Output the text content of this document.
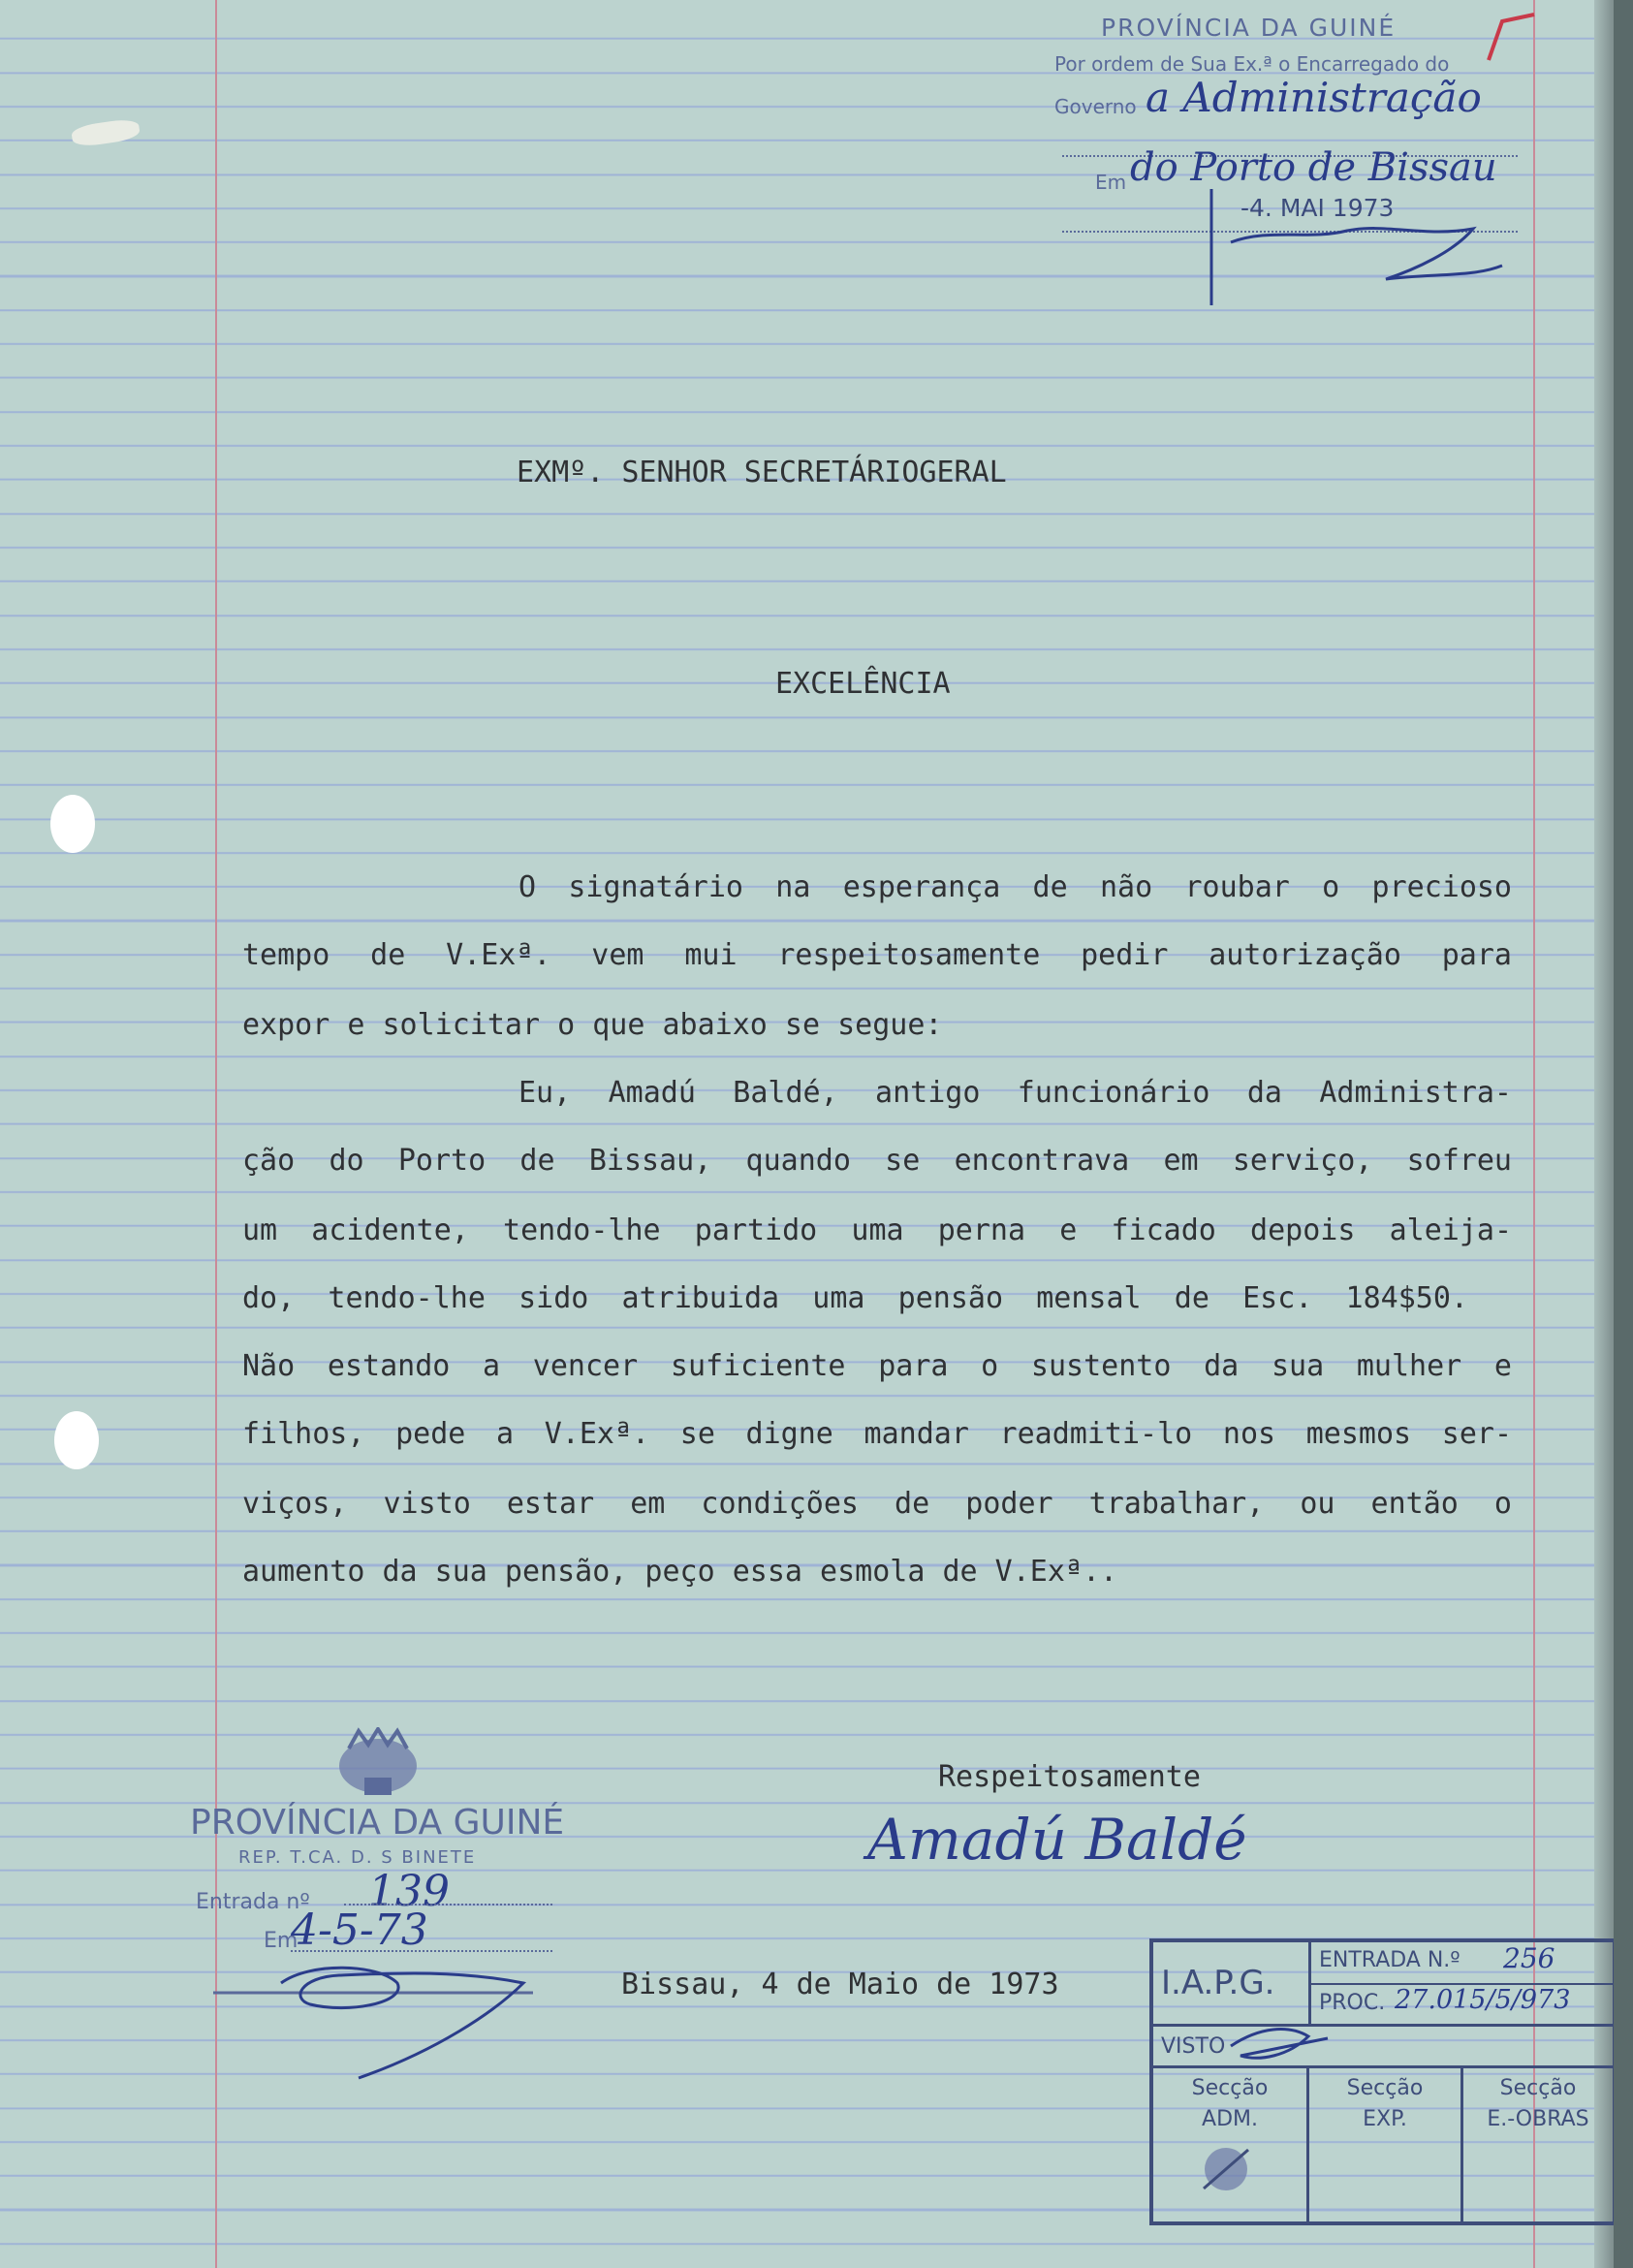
PROVÍNCIA DA GUINÉ
Por ordem de Sua Ex.ª o Encarregado do
Governo a Administração
Em do Porto de Bissau
-4. MAI 1973
EXMº. SENHOR SECRETÁRIOGERAL
EXCELÊNCIA
O signatário na esperança de não roubar o precioso
tempo de V.Exª. vem mui respeitosamente pedir autorização para
expor e solicitar o que abaixo se segue:
Eu, Amadú Baldé, antigo funcionário da Administra-
ção do Porto de Bissau, quando se encontrava em serviço, sofreu
um acidente, tendo-lhe partido uma perna e ficado depois aleija-
do, tendo-lhe sido atribuida uma pensão mensal de Esc. 184$50.
Não estando a vencer suficiente para o sustento da sua mulher e
filhos, pede a V.Exª. se digne mandar readmiti-lo nos mesmos ser-
viços, visto estar em condições de poder trabalhar, ou então o
aumento da sua pensão, peço essa esmola de V.Exª..
Respeitosamente
Amadú Baldé
Bissau, 4 de Maio de 1973
PROVÍNCIA DA GUINÉ
REP. T.CA. D. S BINETE
Entrada nº 139
Em
4-5-73
I.A.P.G.
ENTRADA N.º 256
PROC. 27.015/5/973
VISTO
Secção
ADM.
Secção
EXP.
Secção
E.-OBRAS
